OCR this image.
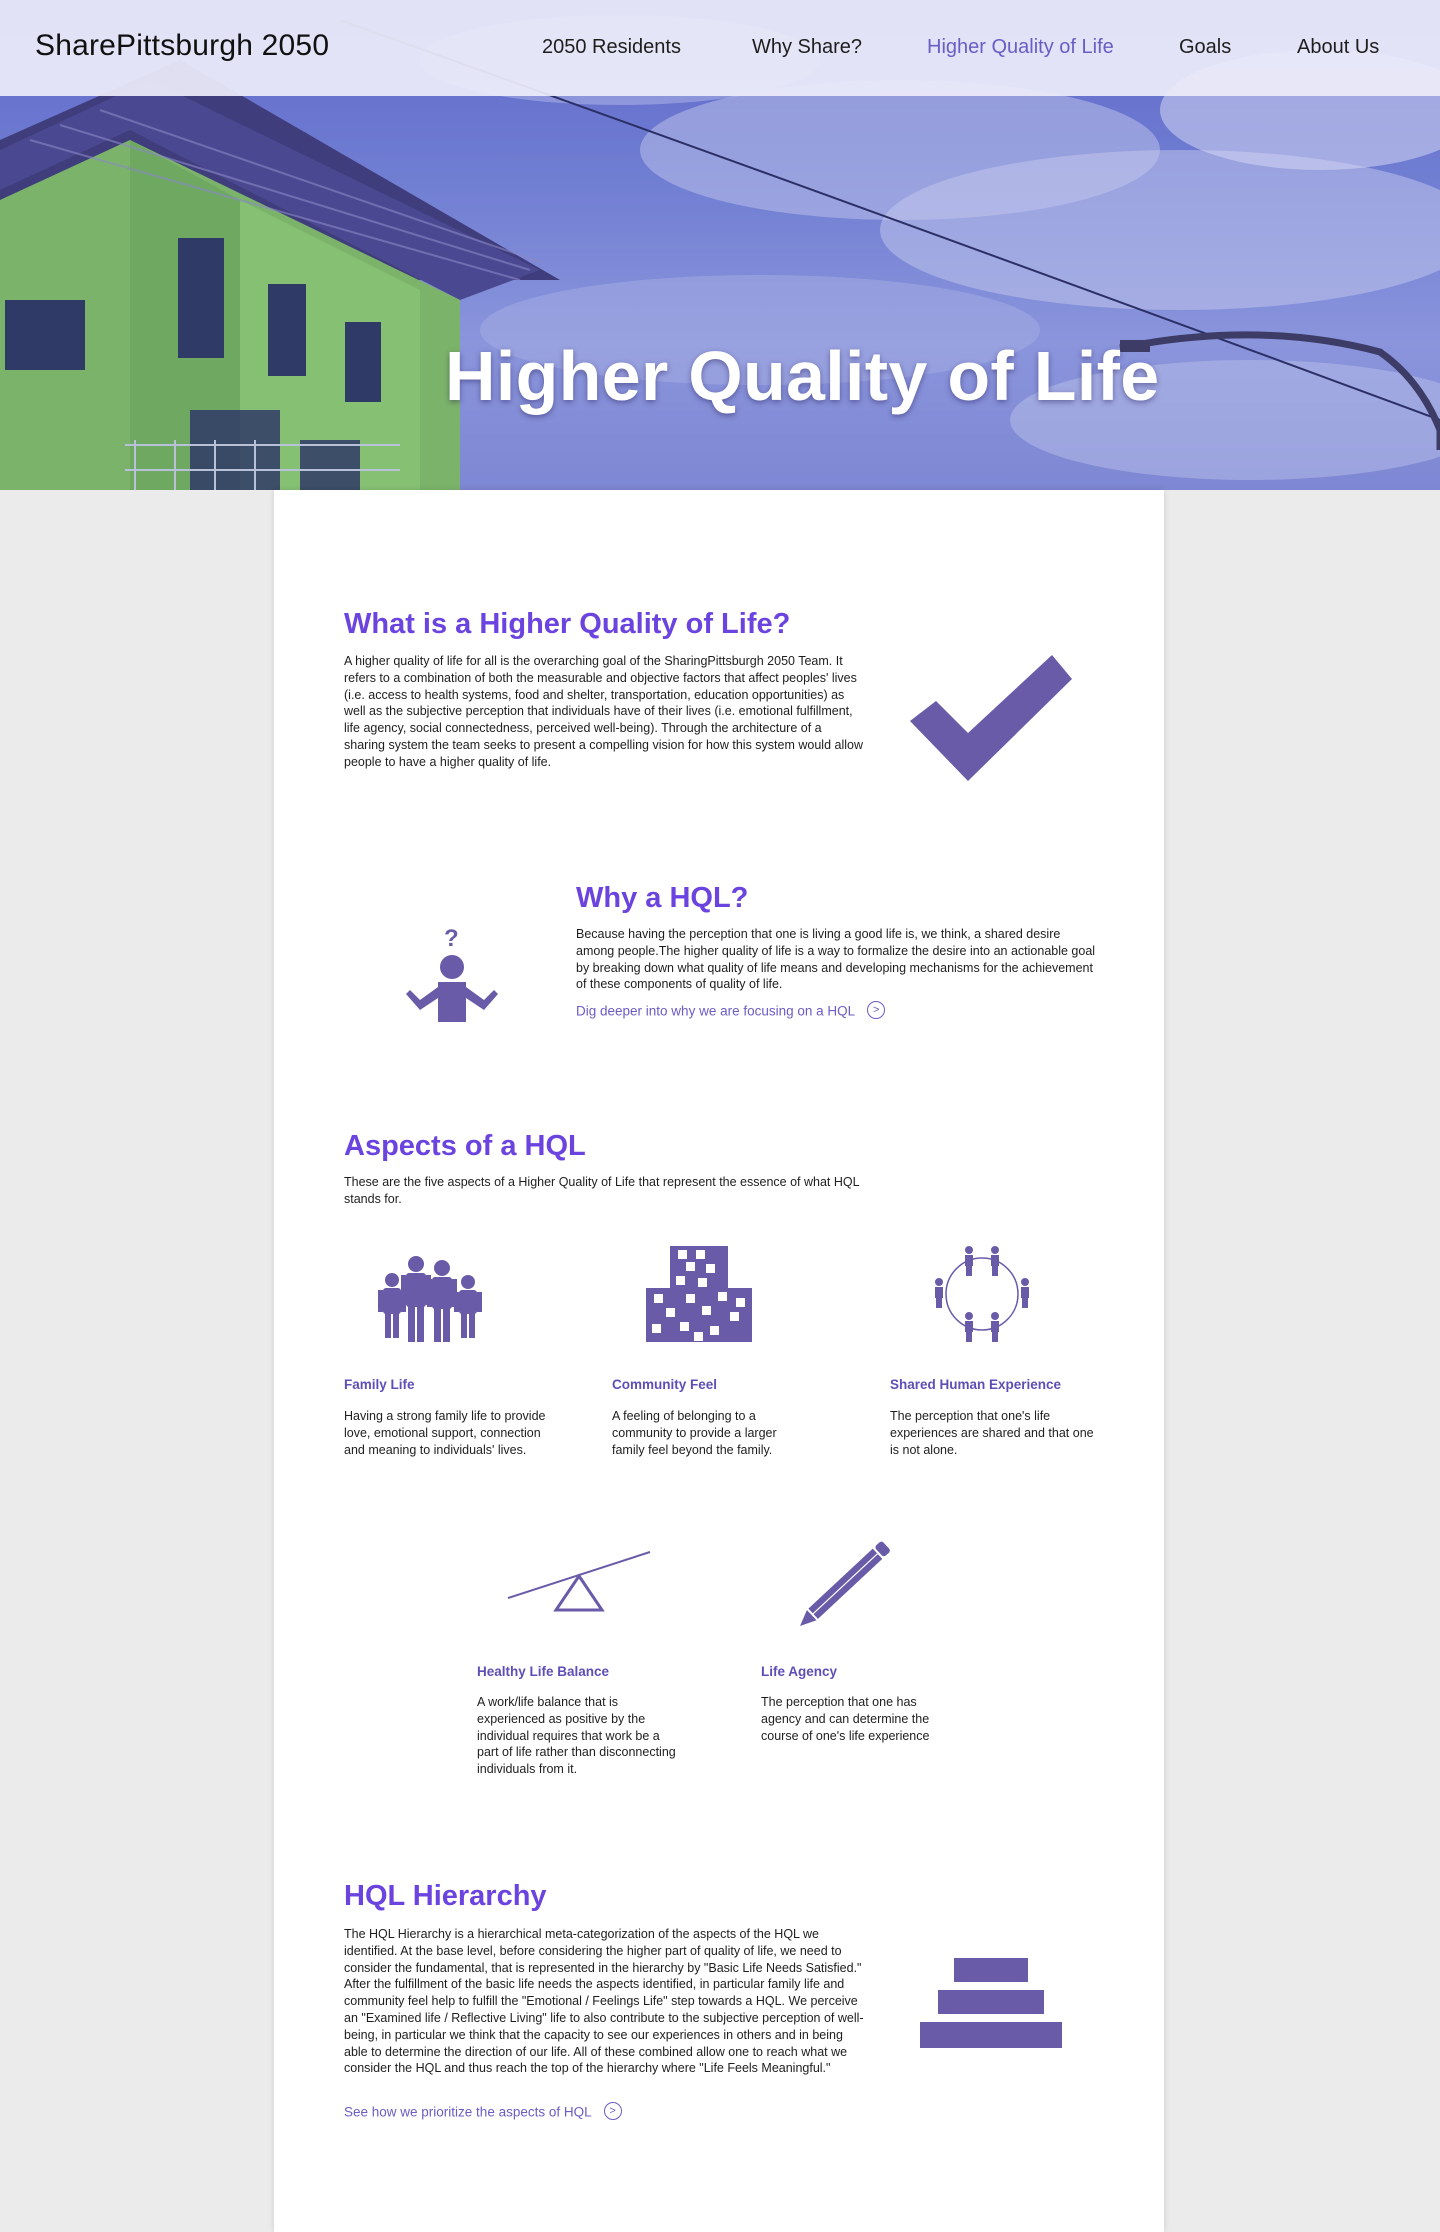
Higher Quality of Life
SharePittsburgh 2050	2050 Residents	Why Share?	Higher Quality of Life	Goals	About Us
What is a Higher Quality of Life?
A higher quality of life for all is the overarching goal of the SharingPittsburgh 2050 Team. It refers to a combination of both the measurable and objective factors that affect peoples' lives (i.e. access to health systems, food and shelter, transportation, education opportunities) as well as the subjective perception that individuals have of their lives (i.e. emotional fulfillment, life agency, social connectedness, perceived well-being). Through the architecture of a sharing system the team seeks to present a compelling vision for how this system would allow people to have a higher quality of life.
?
Why a HQL?
Because having the perception that one is living a good life is, we think, a shared desire among people.The higher quality of life is a way to formalize the desire into an actionable goal by breaking down what quality of life means and developing mechanisms for the achievement of these components of quality of life.
Dig deeper into why we are focusing on a HQL >
Aspects of a HQL
These are the five aspects of a Higher Quality of Life that represent the essence of what HQL stands for.
Family Life
Having a strong family life to provide love, emotional support, connection and meaning to individuals' lives.
Community Feel
A feeling of belonging to a community to provide a larger family feel beyond the family.
Shared Human Experience
The perception that one's life experiences are shared and that one is not alone.
Healthy Life Balance
A work/life balance that is experienced as positive by the individual requires that work be a part of life rather than disconnecting individuals from it.
Life Agency
The perception that one has agency and can determine the course of one's life experience
HQL Hierarchy
The HQL Hierarchy is a hierarchical meta-categorization of the aspects of the HQL we identified. At the base level, before considering the higher part of quality of life, we need to consider the fundamental, that is represented in the hierarchy by "Basic Life Needs Satisfied." After the fulfillment of the basic life needs the aspects identified, in particular family life and community feel help to fulfill the "Emotional / Feelings Life" step towards a HQL. We perceive an "Examined life / Reflective Living" life to also contribute to the subjective perception of well-being, in particular we think that the capacity to see our experiences in others and in being able to determine the direction of our life. All of these combined allow one to reach what we consider the HQL and thus reach the top of the hierarchy where "Life Feels Meaningful."
See how we prioritize the aspects of HQL >
